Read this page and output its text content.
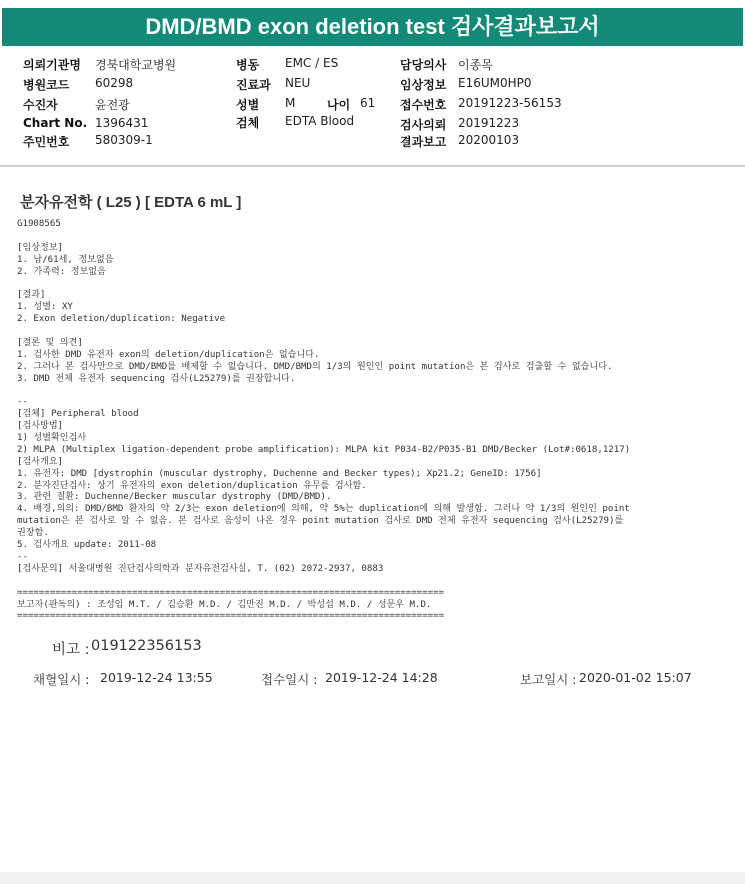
DMD/BMD exon deletion test 검사결과보고서
의뢰기관명 경북대학교병원
병원코드 60298
수진자	윤전광
Chart No. 1396431
주민번호 580309-1
병동 EMC / ES
진료과 NEU
성별 M	나이 61
검체 EDTA Blood
담당의사 이종목
임상정보 E16UM0HP0
접수번호 20191223-56153
검사의뢰 20191223
결과보고 20200103
분자유전학 ( L25 ) [ EDTA 6 mL ]
G1908565

[임상정보]
1. 남/61세, 정보없음
2. 가족력: 정보없음

[결과]
1. 성별: XY
2. Exon deletion/duplication: Negative

[결론 및 의견]
1. 검사한 DMD 유전자 exon의 deletion/duplication은 없습니다.
2. 그러나 본 검사만으로 DMD/BMD를 배제할 수 없습니다. DMD/BMD의 1/3의 원인인 point mutation은 본 검사로 검출할 수 없습니다.
3. DMD 전체 유전자 sequencing 검사(L25279)를 권장합니다.

--
[검체] Peripheral blood
[검사방법]
1) 성별확인검사
2) MLPA (Multiplex ligation-dependent probe amplification): MLPA kit P034-B2/P035-B1 DMD/Becker (Lot#:0618,1217)
[검사개요]
1. 유전자: DMD [dystrophin (muscular dystrophy, Duchenne and Becker types); Xp21.2; GeneID: 1756]
2. 분자진단검사: 상기 유전자의 exon deletion/duplication 유무를 검사함.
3. 관련 질환: Duchenne/Becker muscular dystrophy (DMD/BMD).
4. 배경,의의: DMD/BMD 환자의 약 2/3는 exon deletion에 의해, 약 5%는 duplication에 의해 발생함. 그러나 약 1/3의 원인인 point
mutation은 본 검사로 알 수 없음. 본 검사로 음성이 나온 경우 point mutation 검사로 DMD 전체 유전자 sequencing 검사(L25279)를
권장함.
5. 검사개요 update: 2011-08
--
[검사문의] 서울대병원 진단검사의학과 분자유전검사실, T. (02) 2072-2937, 0883

==============================================================================
보고자(판독의) : 조성임 M.T. / 김승환 M.D. / 김만진 M.D. / 박성섭 M.D. / 성문우 M.D.
==============================================================================
비고 : 019122356153
채혈일시 : 2019-12-24 13:55	접수일시 : 2019-12-24 14:28	보고일시 : 2020-01-02 15:07
